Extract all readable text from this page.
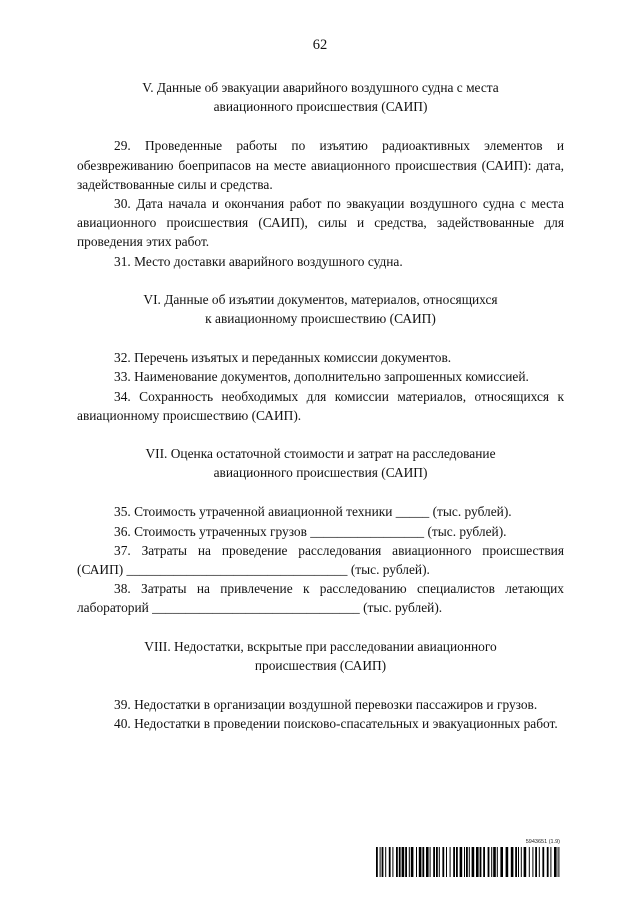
62

V. Данные об эвакуации аварийного воздушного судна с места
авиационного происшествия (САИП)

29. Проведенные работы по изъятию радиоактивных элементов и обезвреживанию боеприпасов на месте авиационного происшествия (САИП): дата, задействованные силы и средства.

30. Дата начала и окончания работ по эвакуации воздушного судна с места авиационного происшествия (САИП), силы и средства, задействованные для проведения этих работ.

31. Место доставки аварийного воздушного судна.

VI. Данные об изъятии документов, материалов, относящихся
к авиационному происшествию (САИП)

32. Перечень изъятых и переданных комиссии документов.

33. Наименование документов, дополнительно запрошенных комиссией.

34. Сохранность необходимых для комиссии материалов, относящихся к авиационному происшествию (САИП).

VII. Оценка остаточной стоимости и затрат на расследование
авиационного происшествия (САИП)

35. Стоимость утраченной авиационной техники _____ (тыс. рублей).

36. Стоимость утраченных грузов _________________ (тыс. рублей).

37. Затраты на проведение расследования авиационного происшествия (САИП) _________________________________ (тыс. рублей).

38. Затраты на привлечение к расследованию специалистов летающих лабораторий _______________________________ (тыс. рублей).

VIII. Недостатки, вскрытые при расследовании авиационного
происшествия (САИП)

39. Недостатки в организации воздушной перевозки пассажиров и грузов.

40. Недостатки в проведении поисково-спасательных и эвакуационных работ.

5943651 (1.9)
